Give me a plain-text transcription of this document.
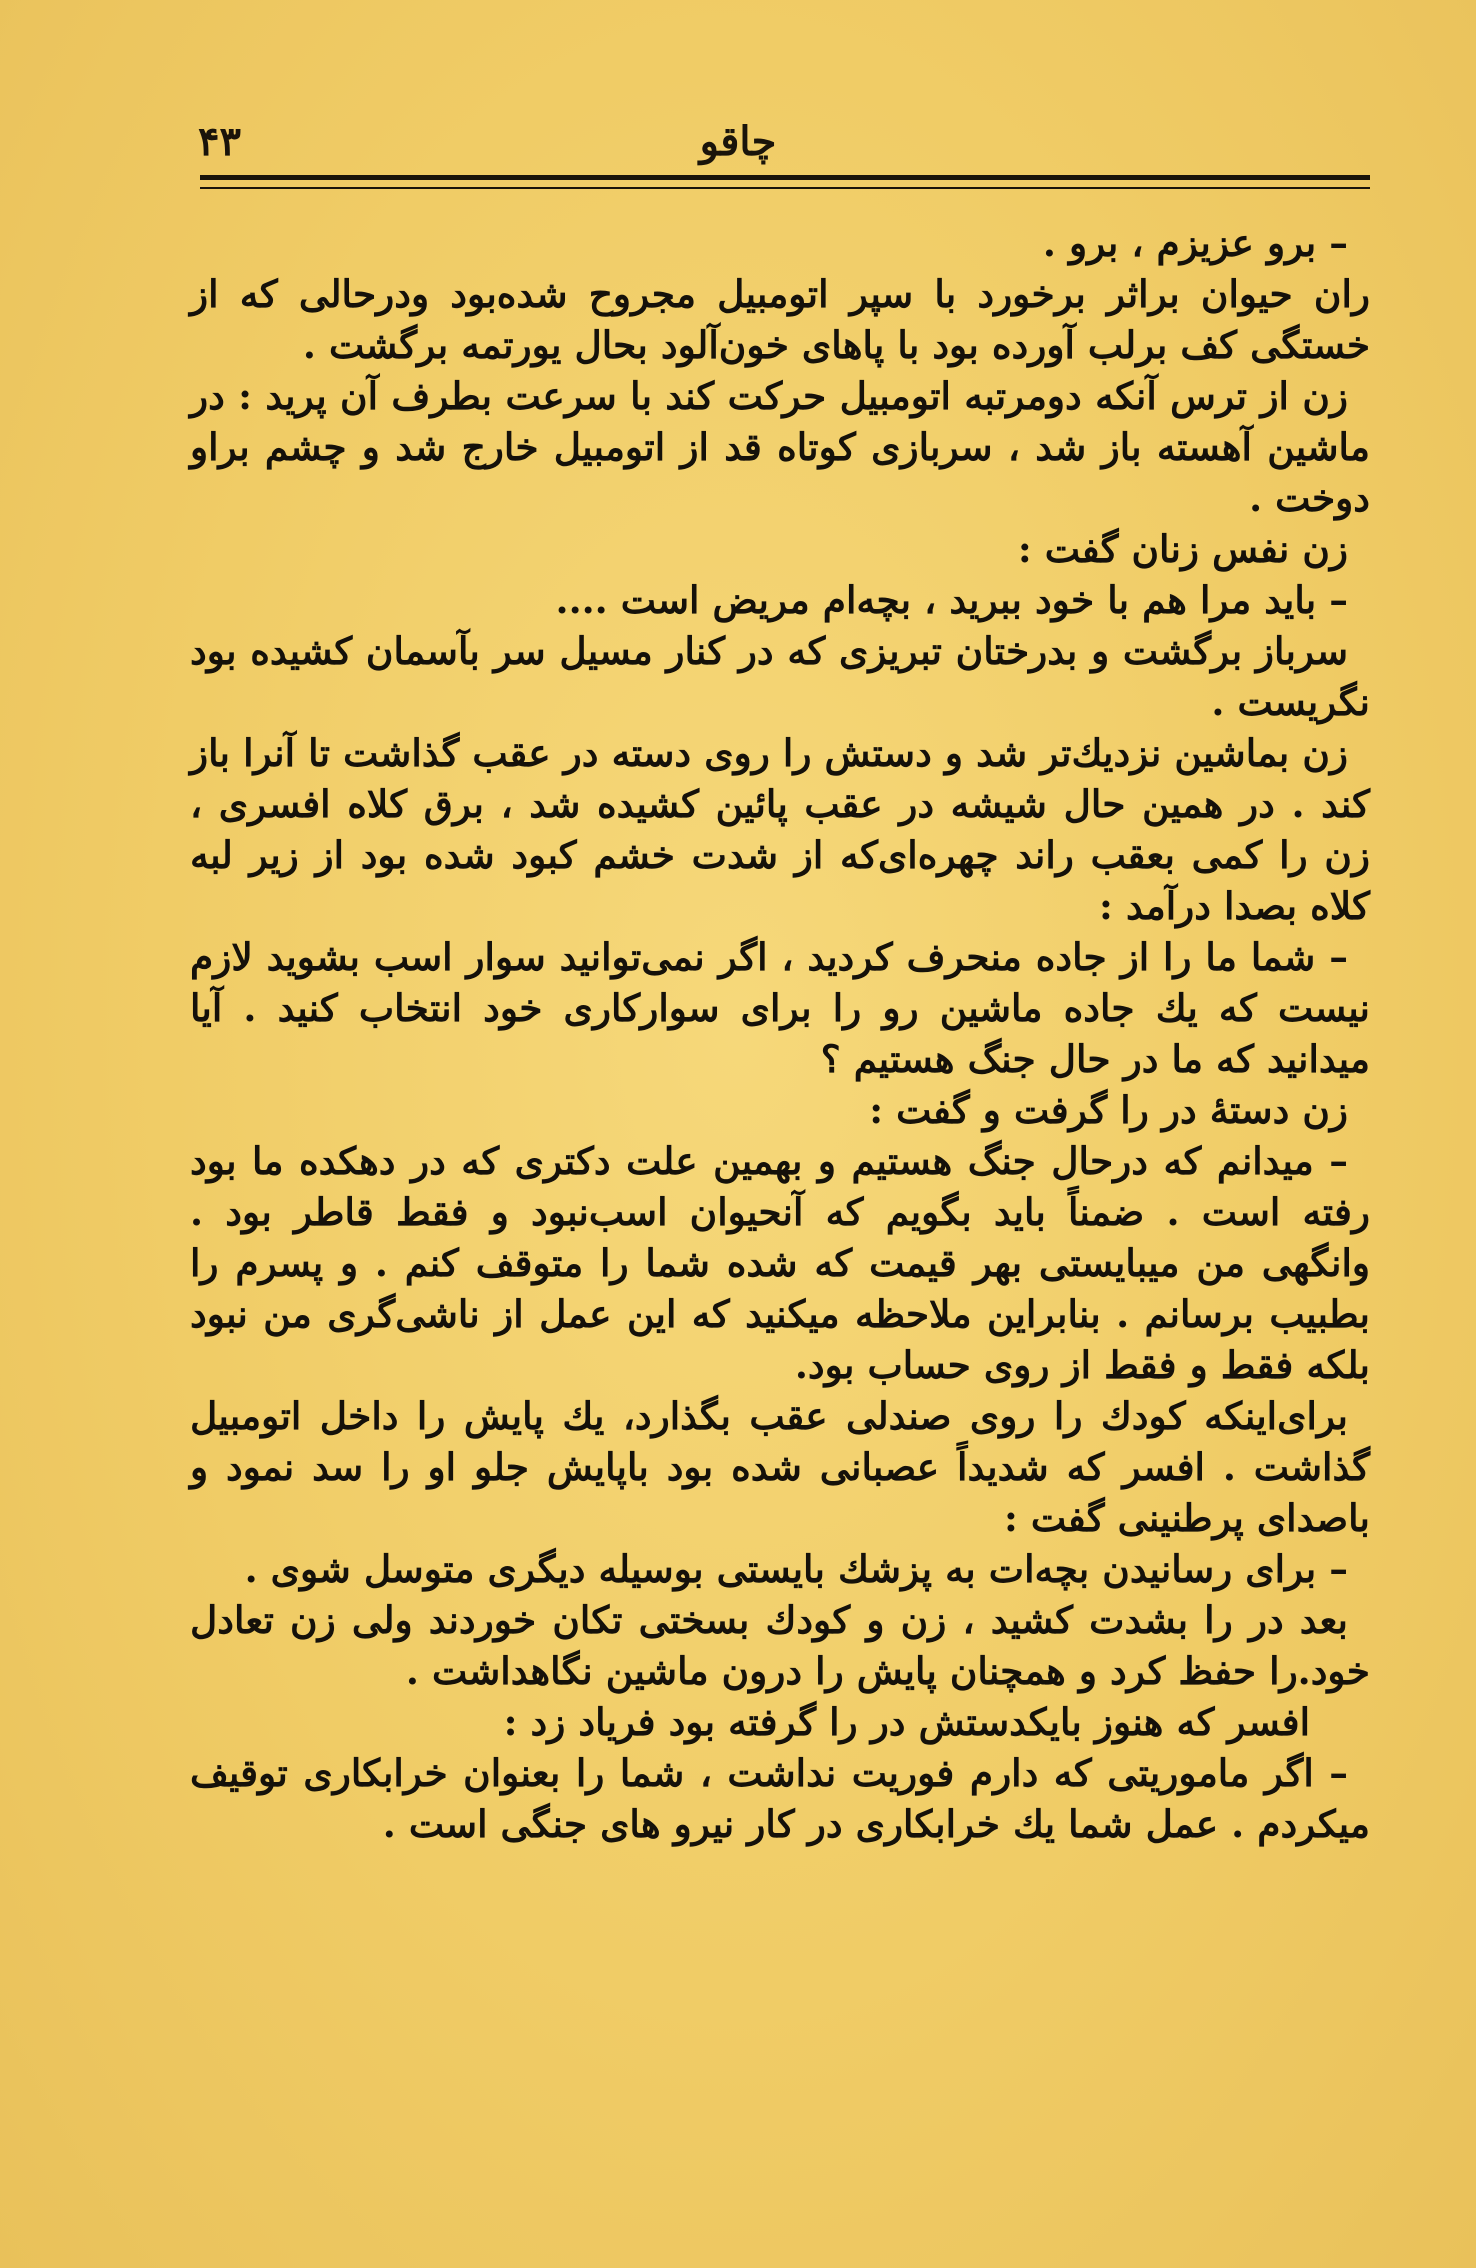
۴۳	چاقو

– برو عزیزم ، برو .

ران حیوان براثر برخورد با سپر اتومبیل مجروح شده‌بود ودرحالی که از خستگی کف برلب آورده بود با پاهای خون‌آلود بحال یورتمه برگشت .

زن از ترس آنکه دومرتبه اتومبیل حرکت کند با سرعت بطرف آن پرید : در ماشین آهسته باز شد ، سربازی کوتاه قد از اتومبیل خارج شد و چشم براو دوخت .

زن نفس زنان گفت :

– باید مرا هم با خود ببرید ، بچه‌ام مریض است ....

سرباز برگشت و بدرختان تبریزی که در کنار مسیل سر بآسمان کشیده بود نگریست .

زن بماشین نزدیك‌تر شد و دستش را روی دسته در عقب گذاشت تا آنرا باز کند . در همین حال شیشه در عقب پائین کشیده شد ، برق کلاه افسری ، زن را کمی بعقب راند چهره‌ای‌که از شدت خشم کبود شده بود از زیر لبه کلاه بصدا درآمد :

– شما ما را از جاده منحرف کردید ، اگر نمی‌توانید سوار اسب بشوید لازم نیست که یك جاده ماشین رو را برای سوارکاری خود انتخاب کنید . آیا میدانید که ما در حال جنگ هستیم ؟

زن دستهٔ در را گرفت و گفت :

– میدانم که درحال جنگ هستیم و بهمین علت دکتری که در دهکده ما بود رفته است . ضمناً باید بگویم که آنحیوان اسب‌نبود و فقط قاطر بود . وانگهی من میبایستی بهر قیمت که شده شما را متوقف کنم . و پسرم را بطبیب برسانم . بنابراین ملاحظه میکنید که این عمل از ناشی‌گری من نبود بلکه فقط و فقط از روی حساب بود.

برای‌اینکه کودك را روی صندلی عقب بگذارد، یك پایش را داخل اتومبیل گذاشت . افسر که شدیداً عصبانی شده بود باپایش جلو او را سد نمود و باصدای پرطنینی گفت :

– برای رسانیدن بچه‌ات به پزشك بایستی بوسیله دیگری متوسل شوی .

بعد در را بشدت کشید ، زن و کودك بسختی تکان خوردند ولی زن تعادل خود.را حفظ کرد و همچنان پایش را درون ماشین نگاهداشت .

افسر که هنوز بایکدستش در را گرفته بود فریاد زد :

– اگر ماموریتی که دارم فوریت نداشت ، شما را بعنوان خرابکاری توقیف میکردم . عمل شما یك خرابکاری در کار نیرو های جنگی است .
